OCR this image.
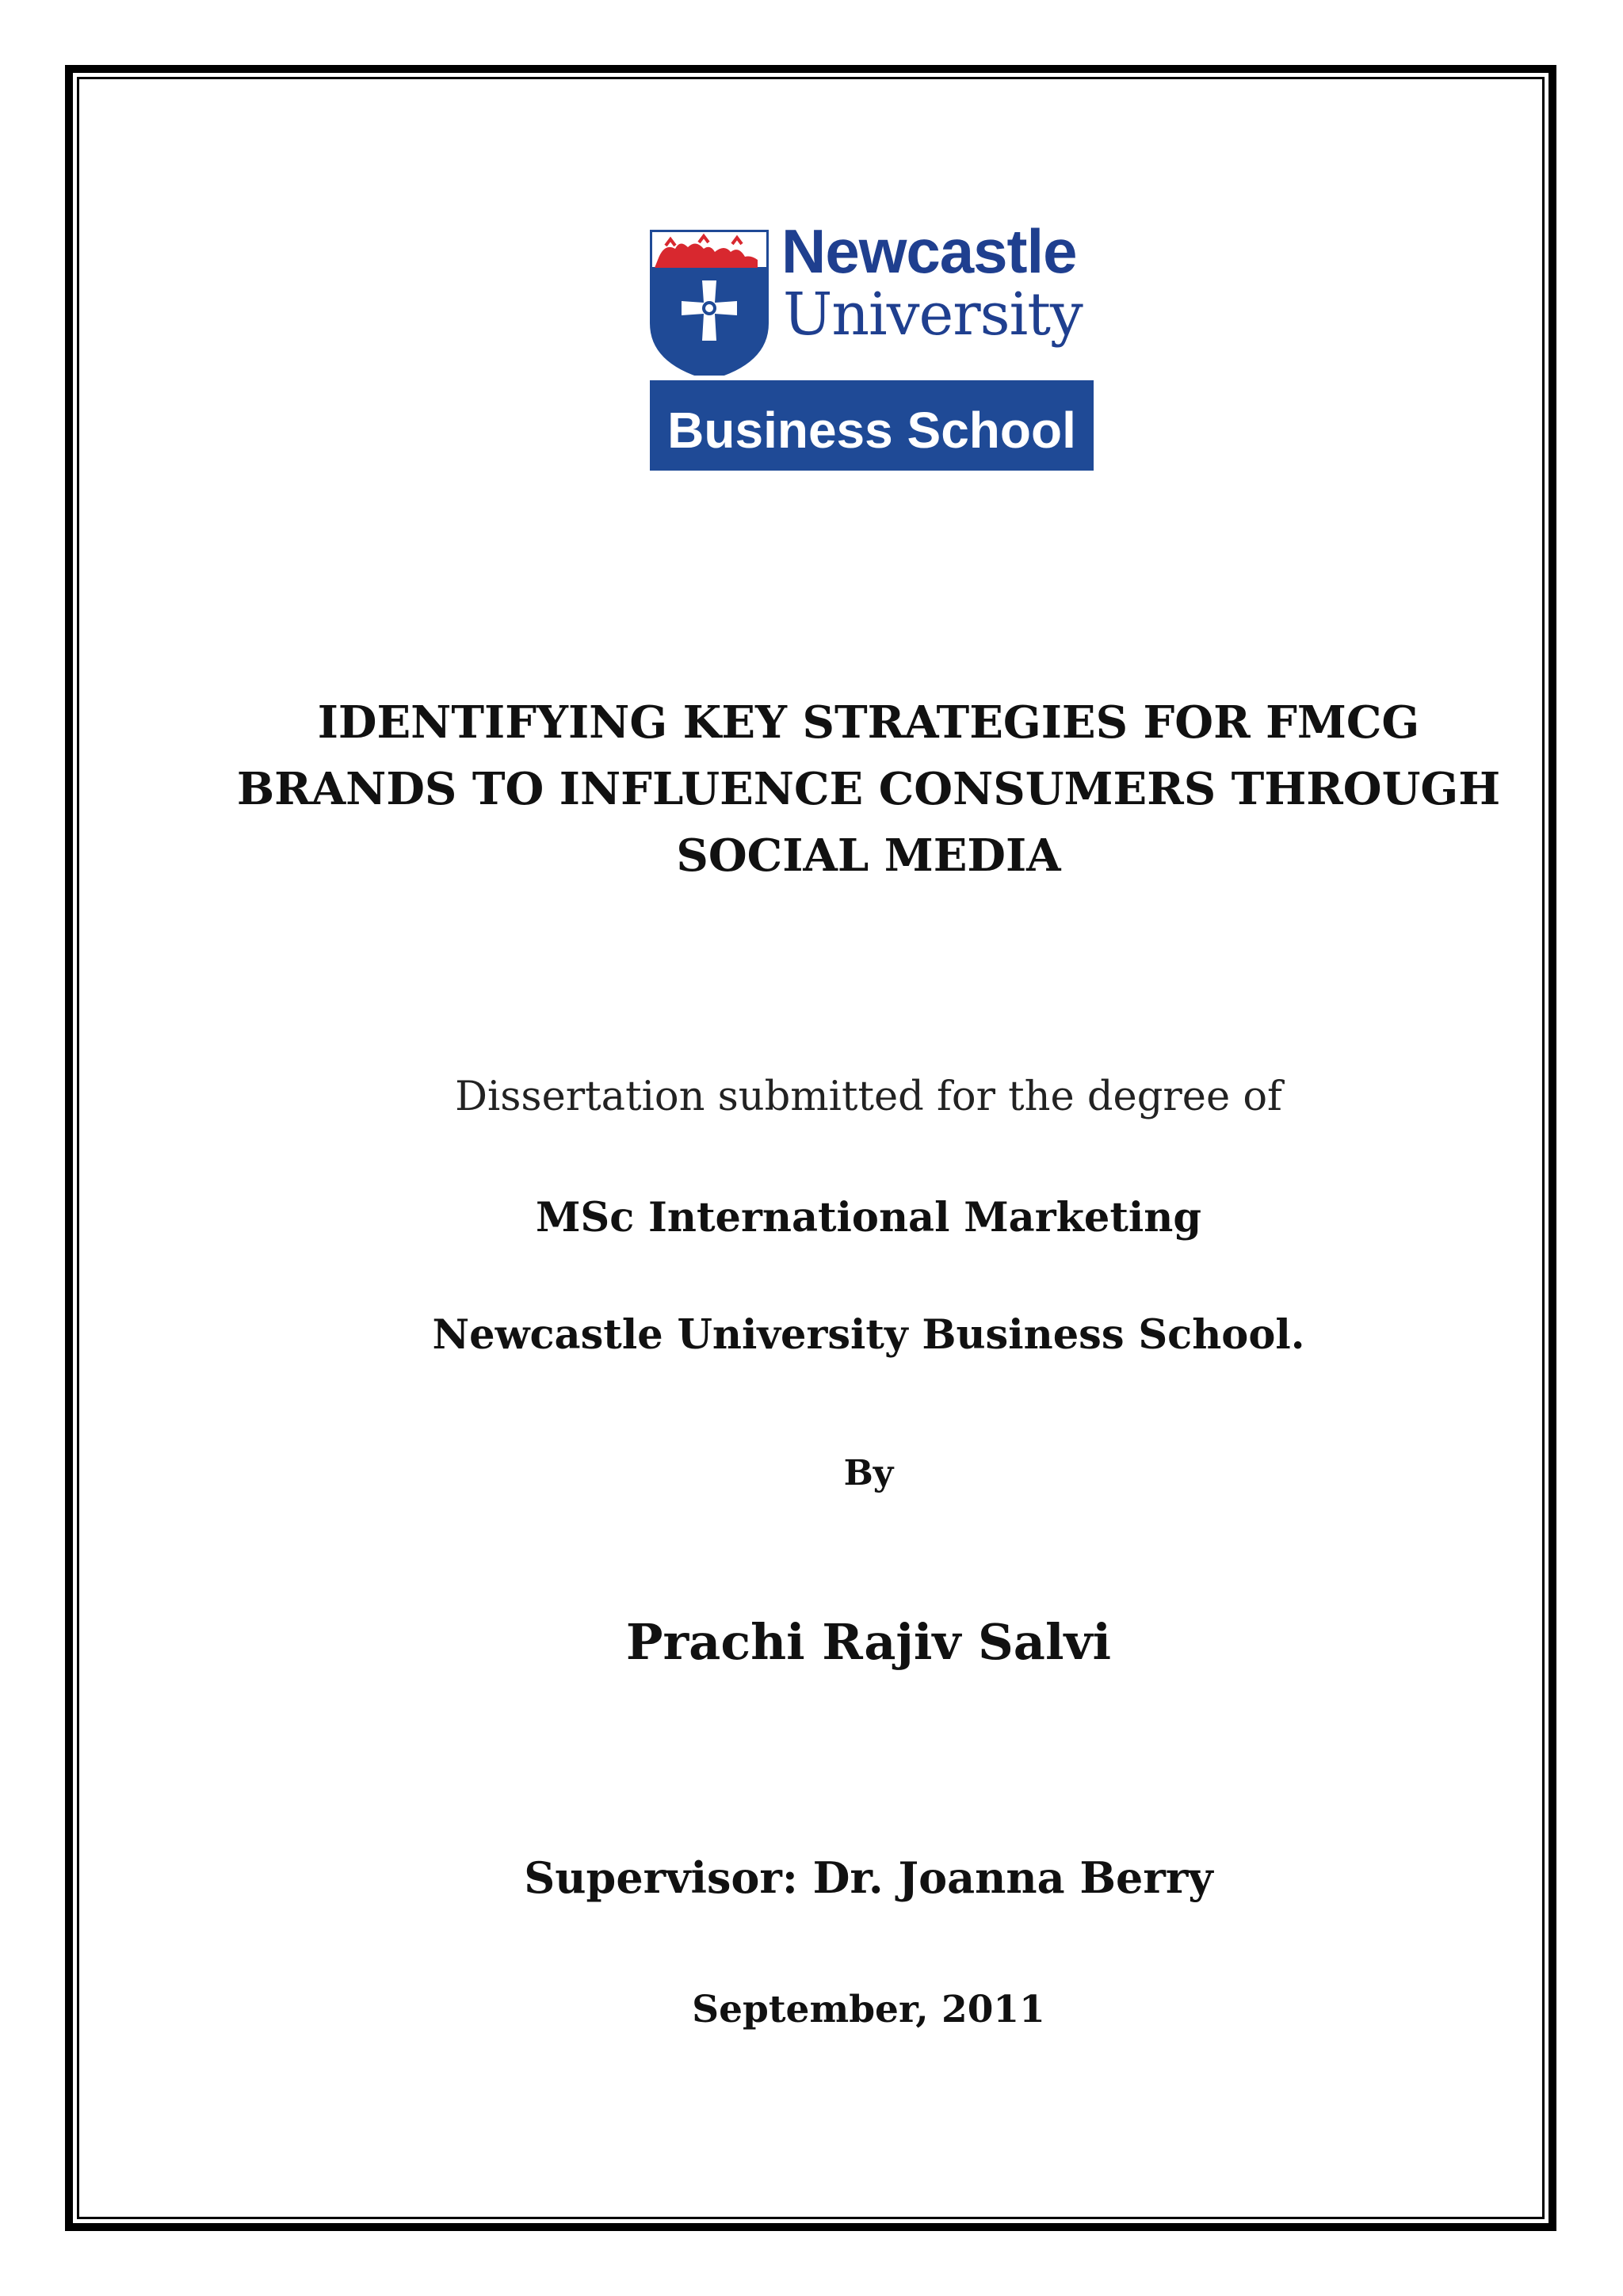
Newcastle
University
Business School
IDENTIFYING KEY STRATEGIES FOR FMCG
BRANDS TO INFLUENCE CONSUMERS THROUGH
SOCIAL MEDIA
Dissertation submitted for the degree of
MSc International Marketing
Newcastle University Business School.
By
Prachi Rajiv Salvi
Supervisor: Dr. Joanna Berry
September, 2011
